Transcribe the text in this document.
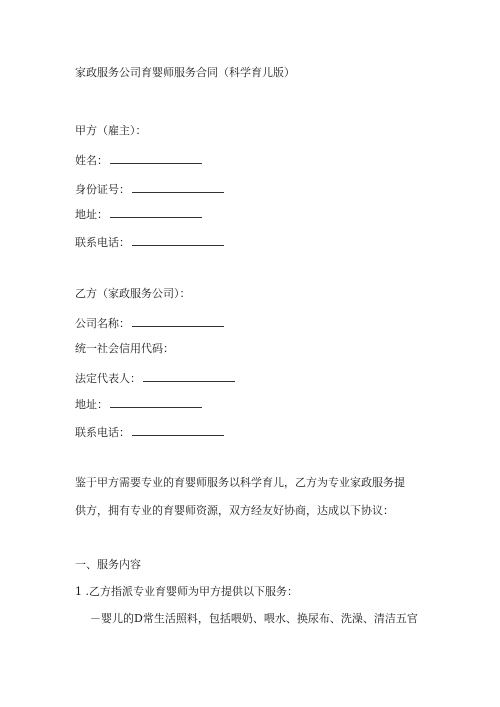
家政服务公司育婴师服务合同（科学育儿版）
甲方（雇主）：
姓名：
身份证号：
地址：
联系电话：
乙方（家政服务公司）：
公司名称：
统一社会信用代码：
法定代表人：
地址：
联系电话：
鉴于甲方需要专业的育婴师服务以科学育儿，乙方为专业家政服务提
供方，拥有专业的育婴师资源，双方经友好协商，达成以下协议：
一、服务内容
1 .乙方指派专业育婴师为甲方提供以下服务：
－婴儿的D常生活照料，包括喂奶、喂水、换尿布、洗澡、清洁五官
